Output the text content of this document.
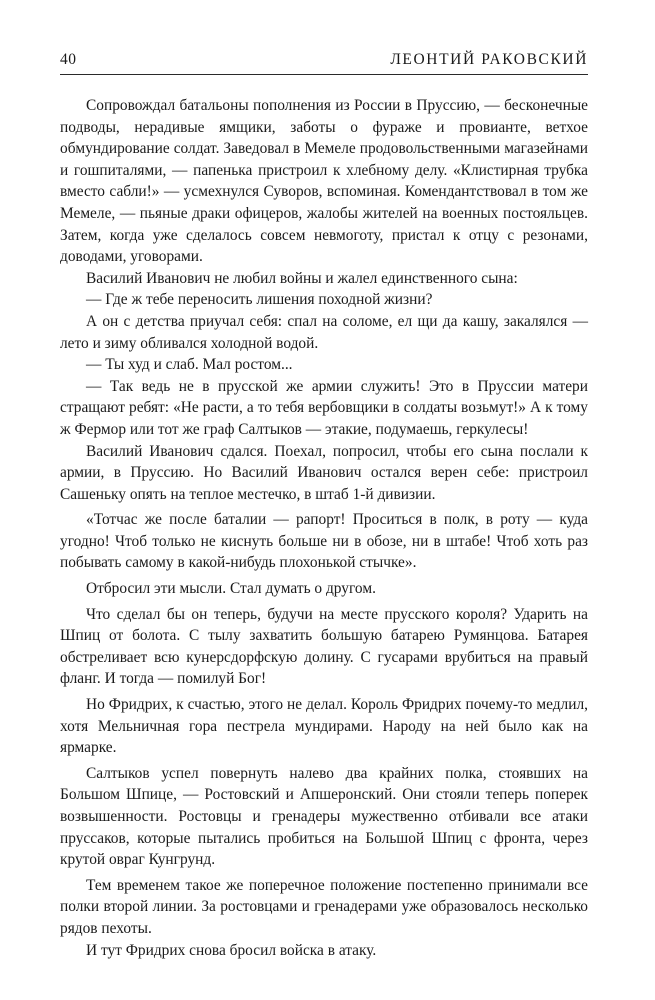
40	ЛЕОНТИЙ РАКОВСКИЙ

Сопровождал батальоны пополнения из России в Пруссию, — бесконечные подводы, нерадивые ямщики, заботы о фураже и провианте, ветхое обмундирование солдат. Заведовал в Мемеле продовольственными магазейнами и гошпиталями, — папенька пристроил к хлебному делу. «Клистирная трубка вместо сабли!» — усмехнулся Суворов, вспоминая. Комендантствовал в том же Мемеле, — пьяные драки офицеров, жалобы жителей на военных постояльцев. Затем, когда уже сделалось совсем невмоготу, пристал к отцу с резонами, доводами, уговорами.

Василий Иванович не любил войны и жалел единственного сына:

— Где ж тебе переносить лишения походной жизни?

А он с детства приучал себя: спал на соломе, ел щи да кашу, закалялся — лето и зиму обливался холодной водой.

— Ты худ и слаб. Мал ростом...

— Так ведь не в прусской же армии служить! Это в Пруссии матери стращают ребят: «Не расти, а то тебя вербовщики в солдаты возьмут!» А к тому ж Фермор или тот же граф Салтыков — этакие, подумаешь, геркулесы!

Василий Иванович сдался. Поехал, попросил, чтобы его сына послали к армии, в Пруссию. Но Василий Иванович остался верен себе: пристроил Сашеньку опять на теплое местечко, в штаб 1-й дивизии.

«Тотчас же после баталии — рапорт! Проситься в полк, в роту — куда угодно! Чтоб только не киснуть больше ни в обозе, ни в штабе! Чтоб хоть раз побывать самому в какой-нибудь плохонькой стычке».

Отбросил эти мысли. Стал думать о другом.

Что сделал бы он теперь, будучи на месте прусского короля? Ударить на Шпиц от болота. С тылу захватить большую батарею Румянцова. Батарея обстреливает всю кунерсдорфскую долину. С гусарами врубиться на правый фланг. И тогда — помилуй Бог!

Но Фридрих, к счастью, этого не делал. Король Фридрих почему-то медлил, хотя Мельничная гора пестрела мундирами. Народу на ней было как на ярмарке.

Салтыков успел повернуть налево два крайних полка, стоявших на Большом Шпице, — Ростовский и Апшеронский. Они стояли теперь поперек возвышенности. Ростовцы и гренадеры мужественно отбивали все атаки пруссаков, которые пытались пробиться на Большой Шпиц с фронта, через крутой овраг Кунгрунд.

Тем временем такое же поперечное положение постепенно принимали все полки второй линии. За ростовцами и гренадерами уже образовалось несколько рядов пехоты.

И тут Фридрих снова бросил войска в атаку.
